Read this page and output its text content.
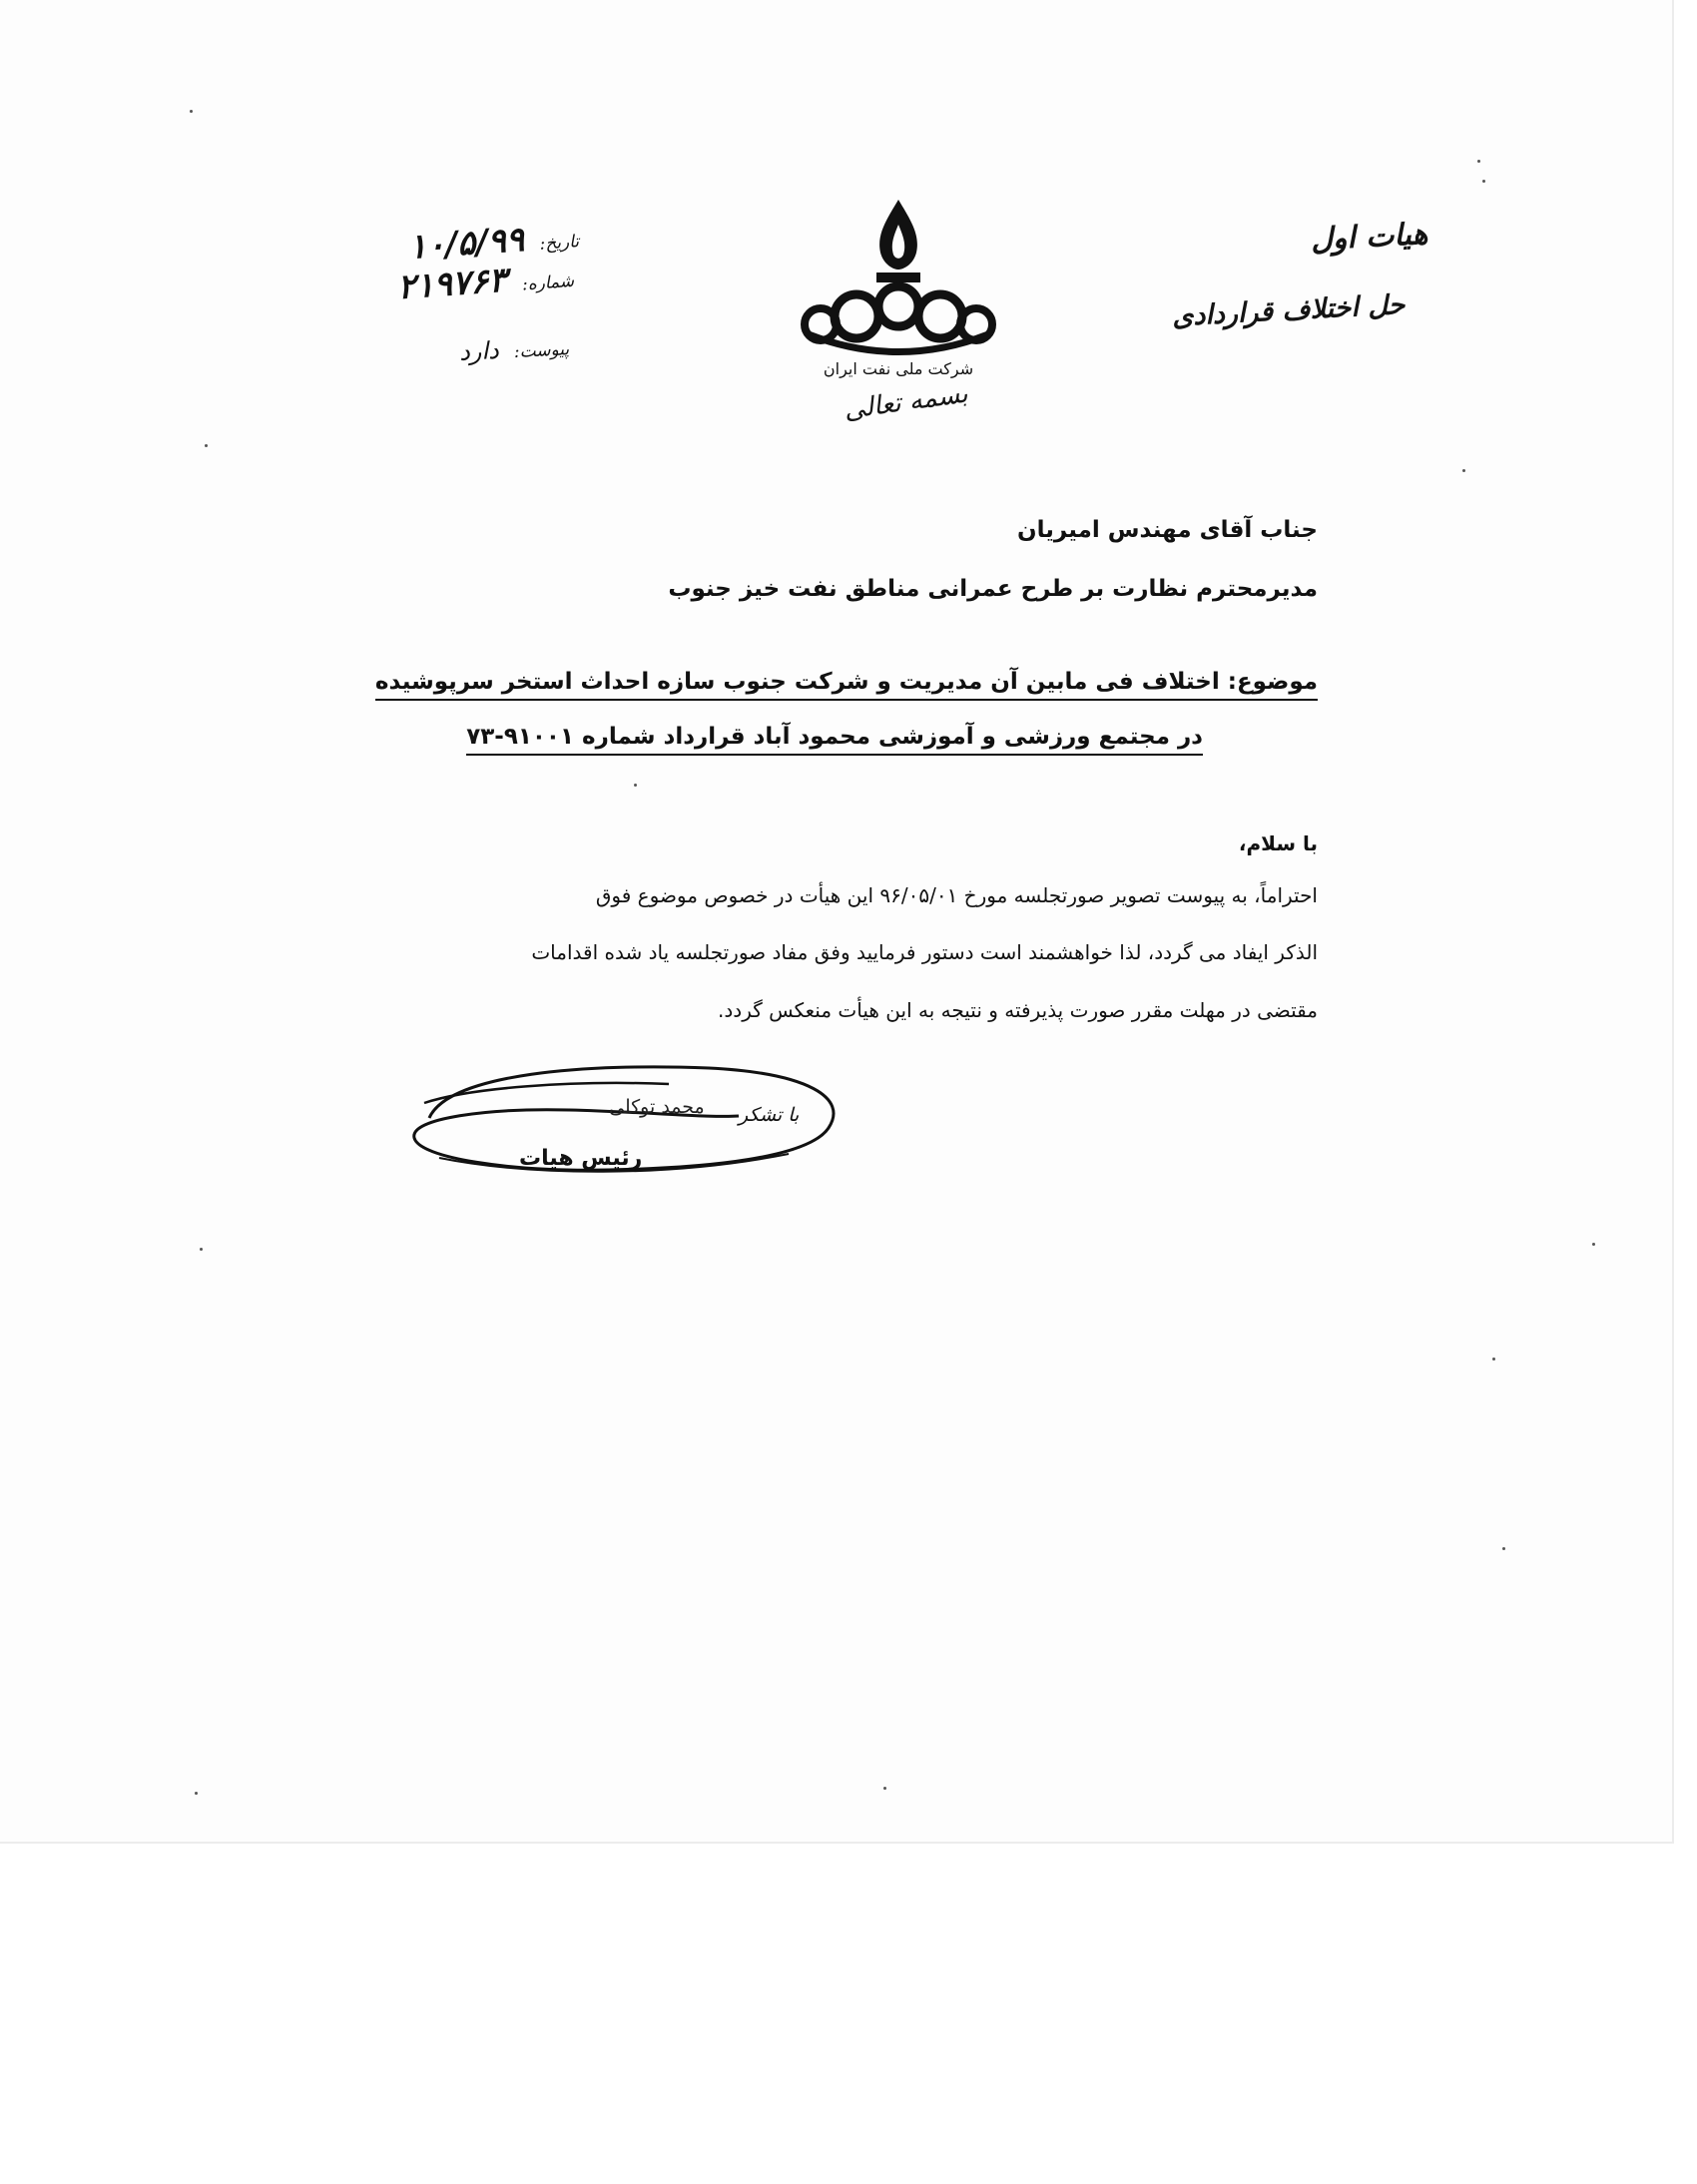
هیات اول
حل اختلاف قراردادی
تاریخ: ۱۰/۵/۹۹
شماره: ۲۱۹۷۶۳
پیوست: دارد
شرکت ملی نفت ایران
بسمه تعالی
جناب آقای مهندس امیریان
مدیرمحترم نظارت بر طرح عمرانی مناطق نفت خیز جنوب
موضوع: اختلاف فی مابین آن مدیریت و شرکت جنوب سازه احداث استخر سرپوشیده
در مجتمع ورزشی و آموزشی محمود آباد قرارداد شماره ۹۱۰۰۱-۷۳
با سلام،
احتراماً، به پیوست تصویر صورتجلسه مورخ ۹۶/۰۵/۰۱ این هیأت در خصوص موضوع فوق
الذکر ایفاد می گردد، لذا خواهشمند است دستور فرمایید وفق مفاد صورتجلسه یاد شده اقدامات
مقتضی در مهلت مقرر صورت پذیرفته و نتیجه به این هیأت منعکس گردد.
با تشکر
محمد توکلی
رئیس هیات
